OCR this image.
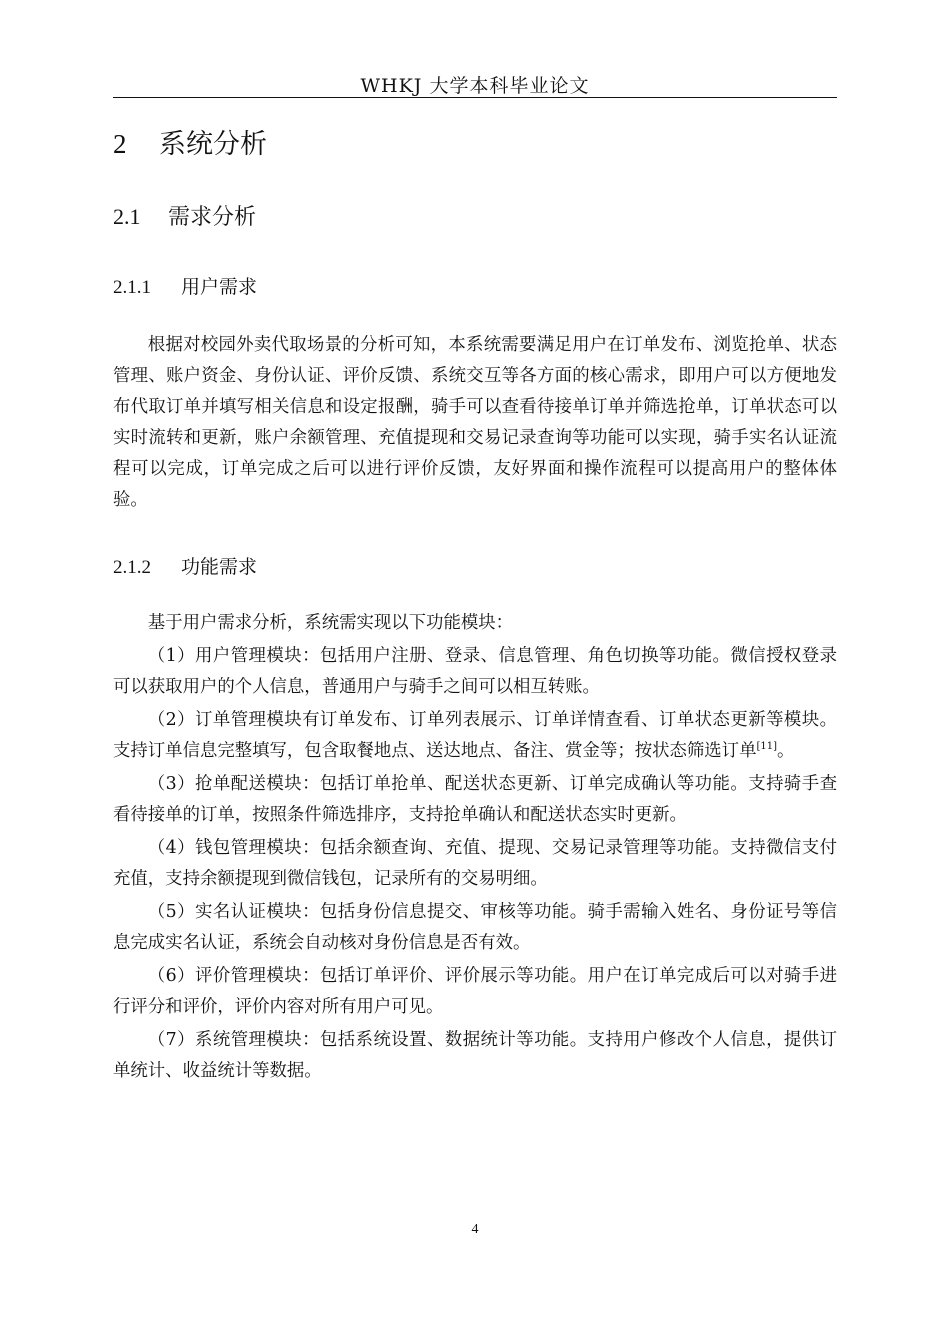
WHKJ 大学本科毕业论文
2 系统分析
2.1 需求分析
2.1.1 用户需求

根据对校园外卖代取场景的分析可知，本系统需要满足用户在订单发布、浏览抢单、状态管理、账户资金、身份认证、评价反馈、系统交互等各方面的核心需求，即用户可以方便地发布代取订单并填写相关信息和设定报酬，骑手可以查看待接单订单并筛选抢单，订单状态可以实时流转和更新，账户余额管理、充值提现和交易记录查询等功能可以实现，骑手实名认证流程可以完成，订单完成之后可以进行评价反馈，友好界面和操作流程可以提高用户的整体体验。

2.1.2 功能需求

基于用户需求分析，系统需实现以下功能模块：

（1）用户管理模块：包括用户注册、登录、信息管理、角色切换等功能。微信授权登录可以获取用户的个人信息，普通用户与骑手之间可以相互转账。

（2）订单管理模块有订单发布、订单列表展示、订单详情查看、订单状态更新等模块。支持订单信息完整填写，包含取餐地点、送达地点、备注、赏金等；按状态筛选订单[11]。

（3）抢单配送模块：包括订单抢单、配送状态更新、订单完成确认等功能。支持骑手查看待接单的订单，按照条件筛选排序，支持抢单确认和配送状态实时更新。

（4）钱包管理模块：包括余额查询、充值、提现、交易记录管理等功能。支持微信支付充值，支持余额提现到微信钱包，记录所有的交易明细。

（5）实名认证模块：包括身份信息提交、审核等功能。骑手需输入姓名、身份证号等信息完成实名认证，系统会自动核对身份信息是否有效。

（6）评价管理模块：包括订单评价、评价展示等功能。用户在订单完成后可以对骑手进行评分和评价，评价内容对所有用户可见。

（7）系统管理模块：包括系统设置、数据统计等功能。支持用户修改个人信息，提供订单统计、收益统计等数据。

4
